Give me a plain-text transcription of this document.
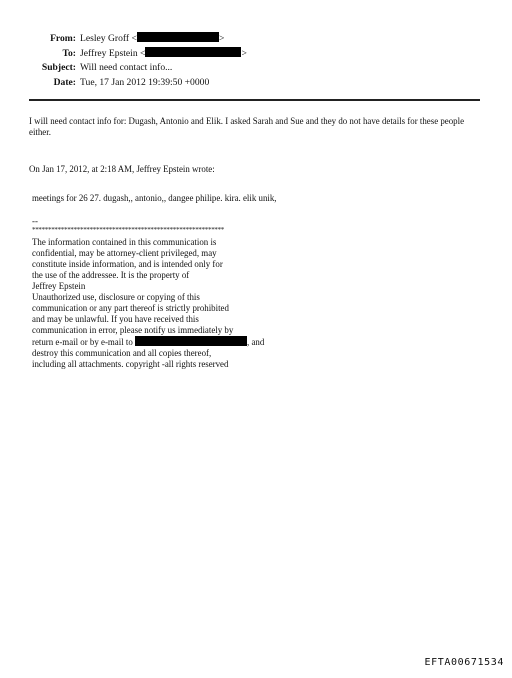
From: Lesley Groff <	>
To: Jeffrey Epstein <	>
Subject: Will need contact info...
Date: Tue, 17 Jan 2012 19:39:50 +0000
I will need contact info for: Dugash, Antonio and Elik. I asked Sarah and Sue and they do not have details for these people either.
On Jan 17, 2012, at 2:18 AM, Jeffrey Epstein wrote:
meetings for 26 27. dugash,, antonio,, dangee philipe. kira. elik unik,
--
************************************************************
The information contained in this communication is
confidential, may be attorney-client privileged, may
constitute inside information, and is intended only for
the use of the addressee. It is the property of
Jeffrey Epstein
Unauthorized use, disclosure or copying of this
communication or any part thereof is strictly prohibited
and may be unlawful. If you have received this
communication in error, please notify us immediately by
return e-mail or by e-mail to	, and
destroy this communication and all copies thereof,
including all attachments. copyright -all rights reserved
EFTA00671534
